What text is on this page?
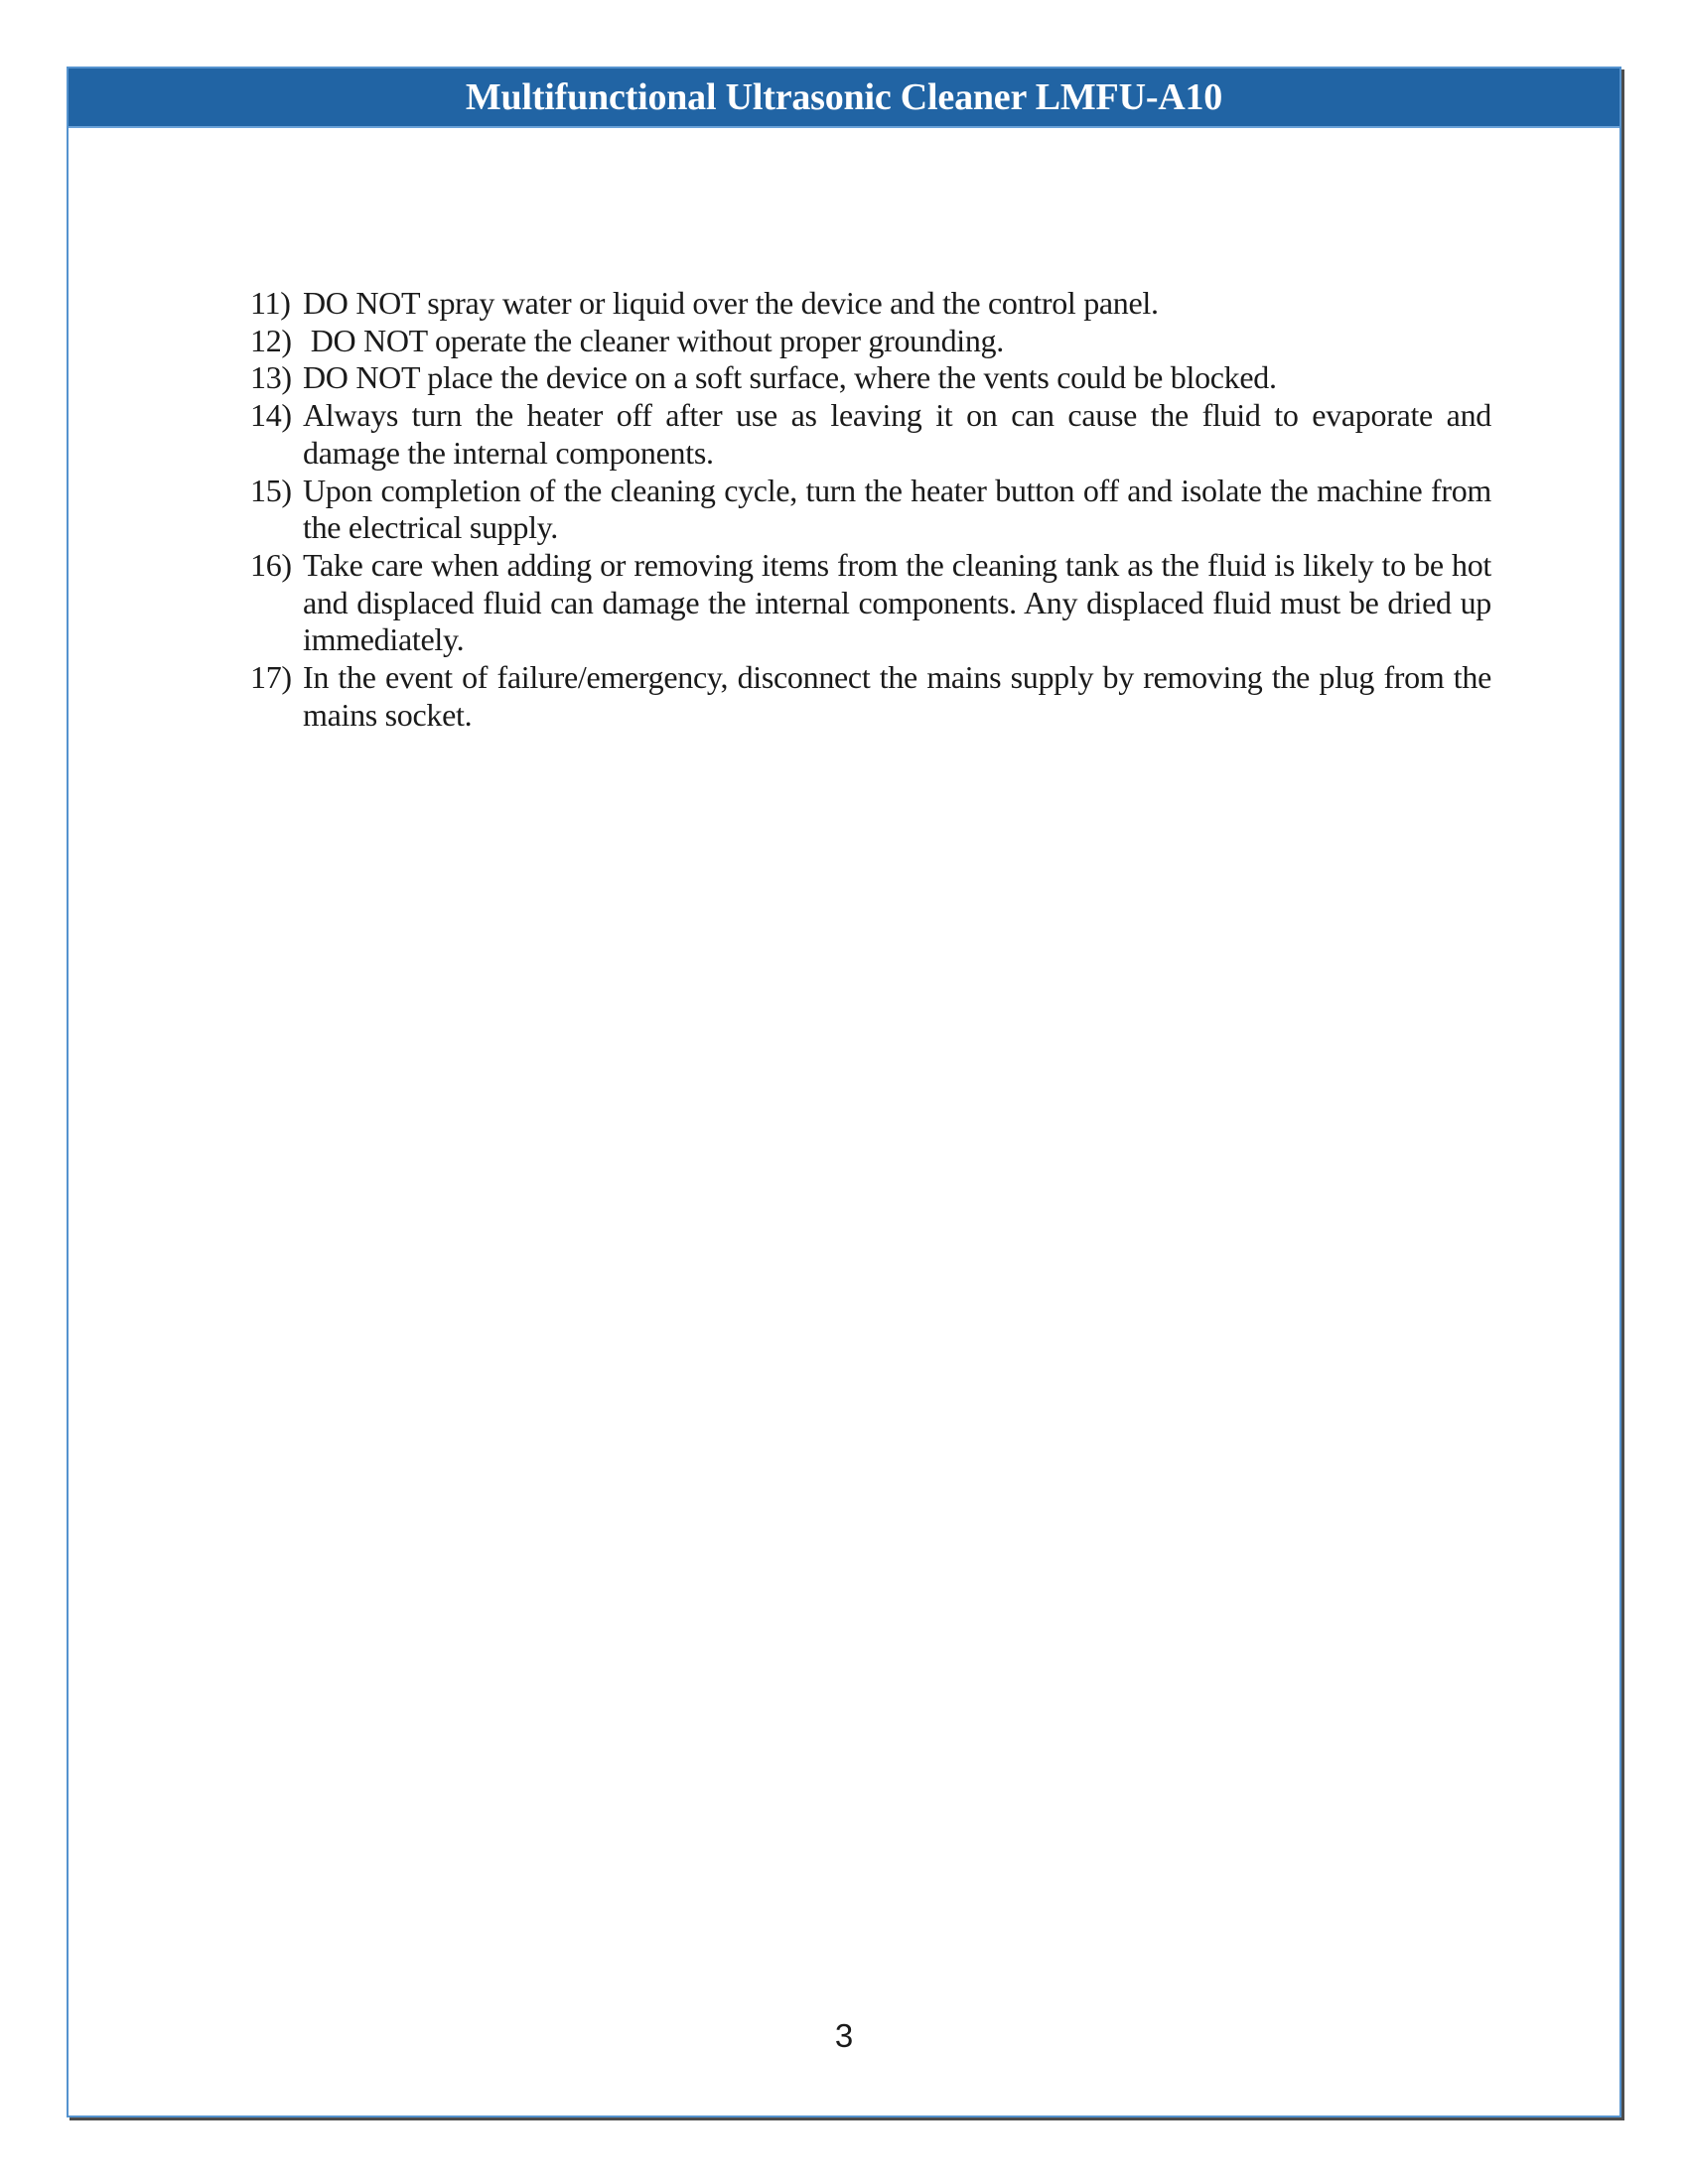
Multifunctional Ultrasonic Cleaner LMFU-A10
11) DO NOT spray water or liquid over the device and the control panel.
12) DO NOT operate the cleaner without proper grounding.
13) DO NOT place the device on a soft surface, where the vents could be blocked.
14) Always turn the heater off after use as leaving it on can cause the fluid to evaporate and damage the internal components.
15) Upon completion of the cleaning cycle, turn the heater button off and isolate the machine from the electrical supply.
16) Take care when adding or removing items from the cleaning tank as the fluid is likely to be hot and displaced fluid can damage the internal components. Any displaced fluid must be dried up immediately.
17) In the event of failure/emergency, disconnect the mains supply by removing the plug from the mains socket.
3
